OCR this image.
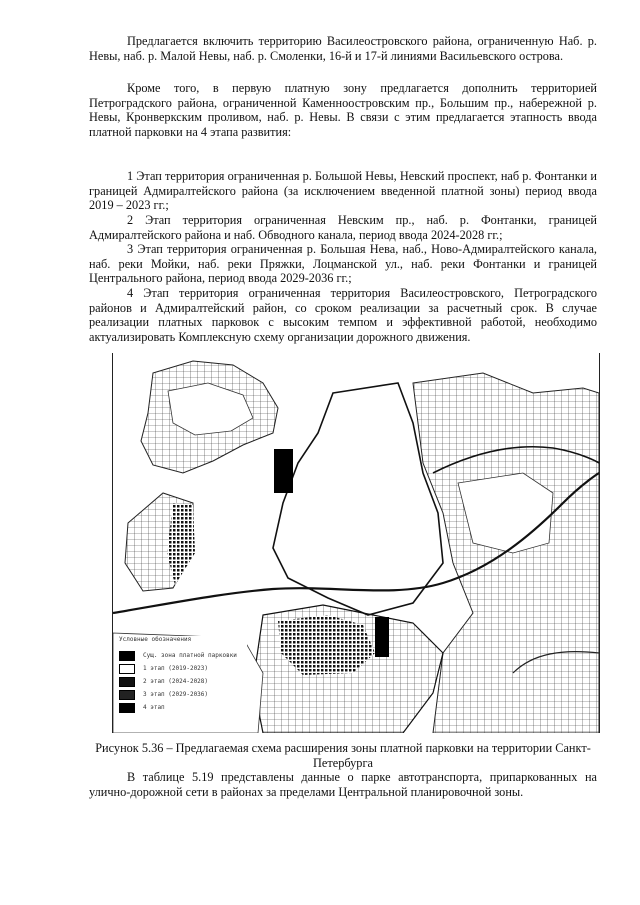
Предлагается включить территорию Василеостровского района, ограниченную Наб. р. Невы, наб. р. Малой Невы, наб. р. Смоленки, 16-й и 17-й линиями Васильевского острова.

Кроме того, в первую платную зону предлагается дополнить территорией Петроградского района, ограниченной Каменноостровским пр., Большим пр., набережной р. Невы, Кронверкским проливом, наб. р. Невы. В связи с этим предлагается этапность ввода платной парковки на 4 этапа развития:

1 Этап территория ограниченная р. Большой Невы, Невский проспект, наб р. Фонтанки и границей Адмиралтейского района (за исключением введенной платной зоны) период ввода 2019 – 2023 гг.;

2 Этап территория ограниченная Невским пр., наб. р. Фонтанки, границей Адмиралтейского района и наб. Обводного канала, период ввода 2024-2028 гг.;

3 Этап территория ограниченная р. Большая Нева, наб., Ново-Адмиралтейского канала, наб. реки Мойки, наб. реки Пряжки, Лоцманской ул., наб. реки Фонтанки и границей Центрального района, период ввода 2029-2036 гг.;

4 Этап территория ограниченная территория Василеостровского, Петроградского районов и Адмиралтейский район, со сроком реализации за расчетный срок. В случае реализации платных парковок с высоким темпом и эффективной работой, необходимо актуализировать Комплексную схему организации дорожного движения.

Условные обозначения
Сущ. зона платной парковки
1 этап (2019-2023)
2 этап (2024-2028)
3 этап (2029-2036)
4 этап

Рисунок 5.36 – Предлагаемая схема расширения зоны платной парковки на территории Санкт-Петербурга

В таблице 5.19 представлены данные о парке автотранспорта, припаркованных на улично-дорожной сети в районах за пределами Центральной планировочной зоны.
